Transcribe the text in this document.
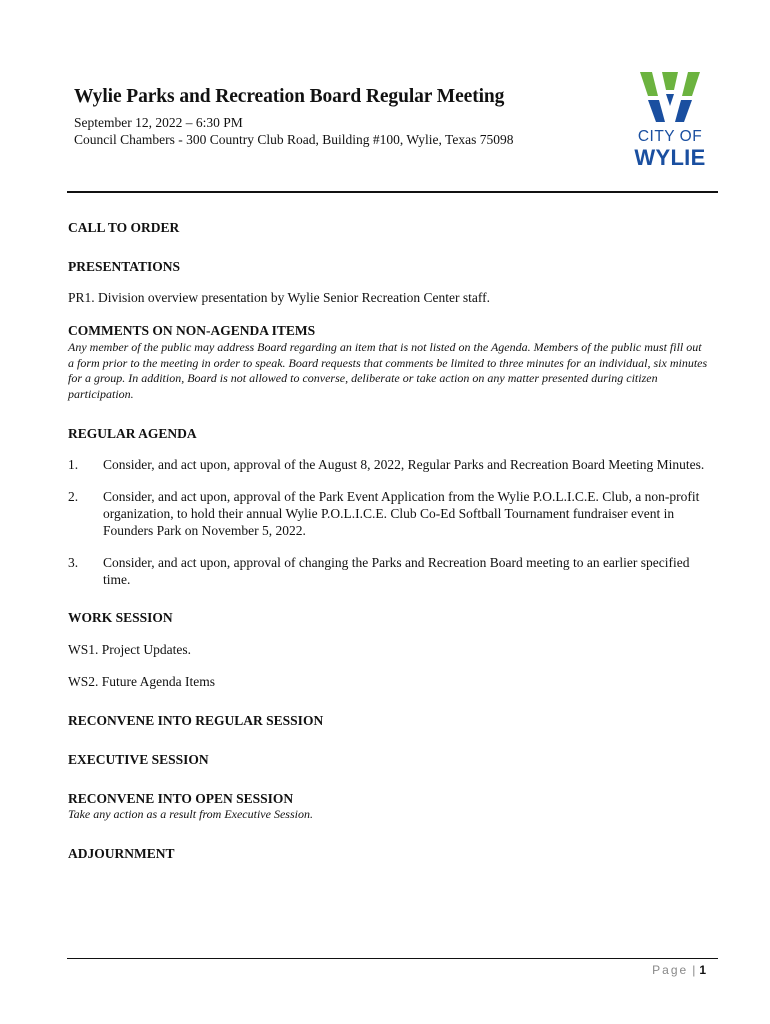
Wylie Parks and Recreation Board Regular Meeting
September 12, 2022 – 6:30 PM
Council Chambers - 300 Country Club Road, Building #100, Wylie, Texas 75098	CITY OF
WYLIE
CALL TO ORDER
PRESENTATIONS
PR1. Division overview presentation by Wylie Senior Recreation Center staff.
COMMENTS ON NON-AGENDA ITEMS
Any member of the public may address Board regarding an item that is not listed on the Agenda. Members of the public must fill out a form prior to the meeting in order to speak. Board requests that comments be limited to three minutes for an individual, six minutes for a group. In addition, Board is not allowed to converse, deliberate or take action on any matter presented during citizen participation.
REGULAR AGENDA
1. Consider, and act upon, approval of the August 8, 2022, Regular Parks and Recreation Board Meeting Minutes.
2. Consider, and act upon, approval of the Park Event Application from the Wylie P.O.L.I.C.E. Club, a non-profit organization, to hold their annual Wylie P.O.L.I.C.E. Club Co-Ed Softball Tournament fundraiser event in Founders Park on November 5, 2022.
3. Consider, and act upon, approval of changing the Parks and Recreation Board meeting to an earlier specified time.
WORK SESSION
WS1. Project Updates.
WS2. Future Agenda Items
RECONVENE INTO REGULAR SESSION
EXECUTIVE SESSION
RECONVENE INTO OPEN SESSION
Take any action as a result from Executive Session.
ADJOURNMENT
Page | 1
